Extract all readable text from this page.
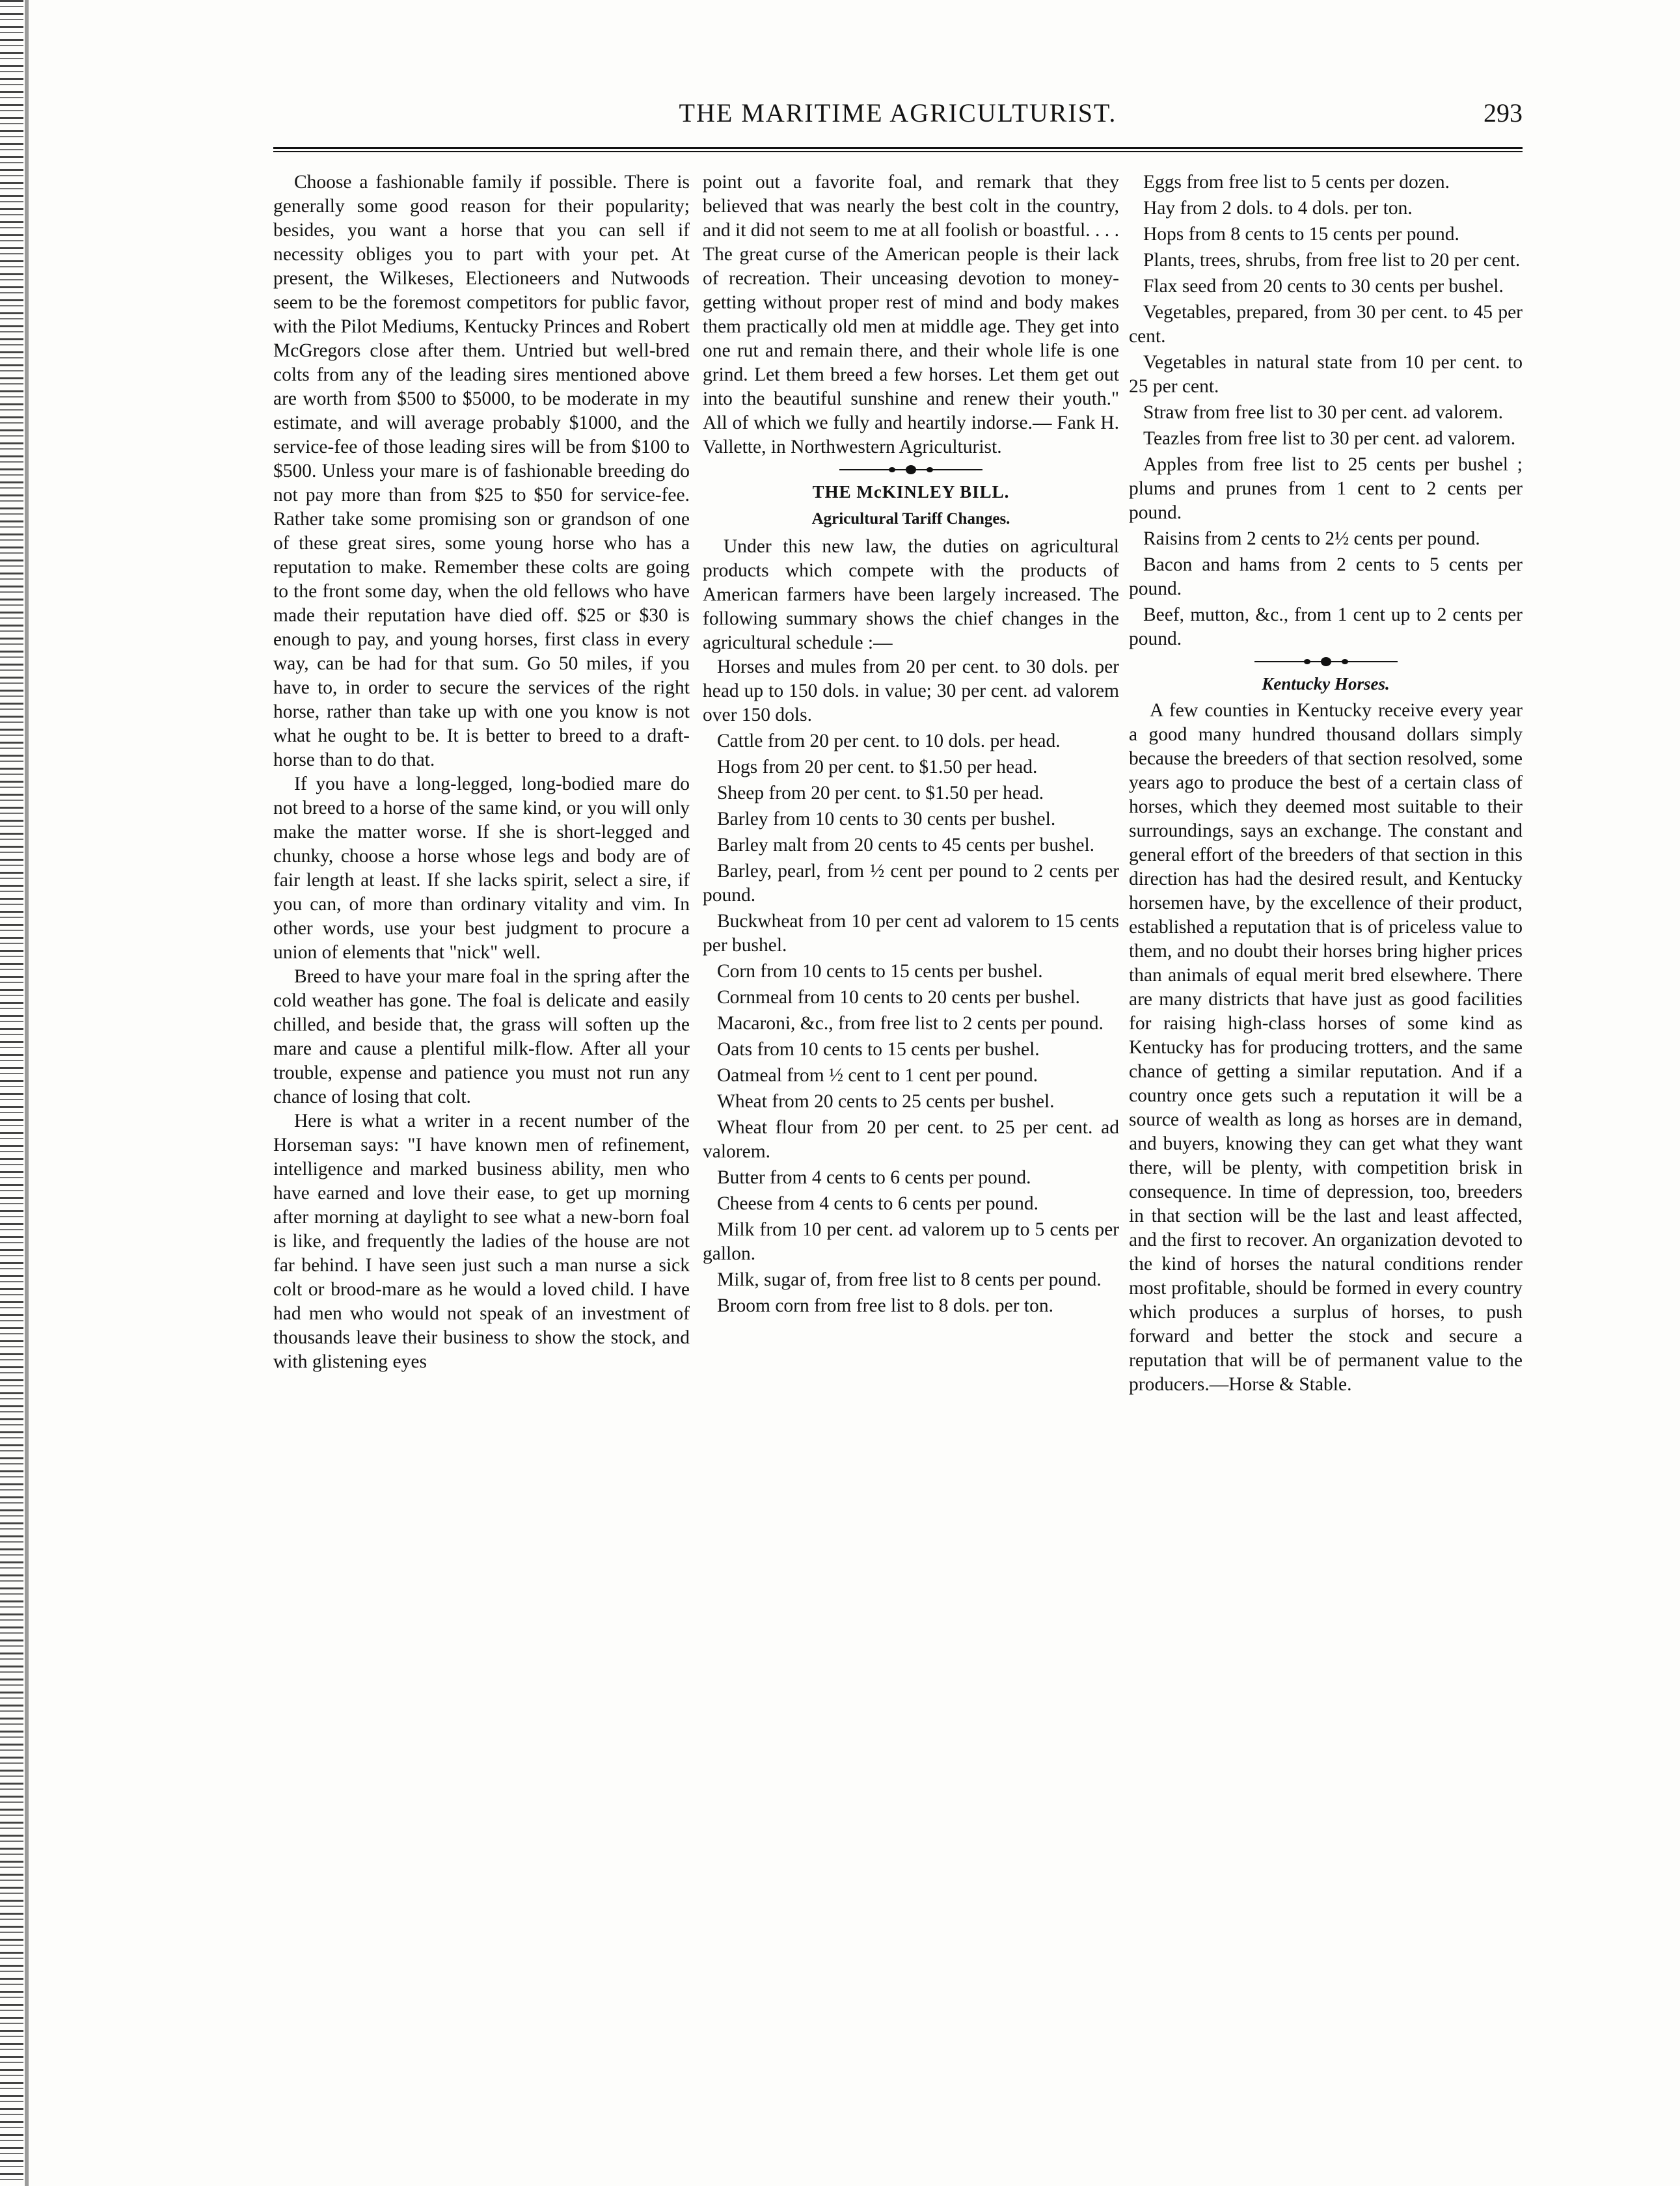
THE MARITIME AGRICULTURIST.	293

Choose a fashionable family if possible. There is generally some good reason for their popularity; besides, you want a horse that you can sell if necessity obliges you to part with your pet. At present, the Wilkeses, Electioneers and Nutwoods seem to be the foremost competitors for public favor, with the Pilot Mediums, Kentucky Princes and Robert McGregors close after them. Untried but well-bred colts from any of the leading sires mentioned above are worth from $500 to $5000, to be moderate in my estimate, and will average probably $1000, and the service-fee of those leading sires will be from $100 to $500. Unless your mare is of fashionable breeding do not pay more than from $25 to $50 for service-fee. Rather take some promising son or grandson of one of these great sires, some young horse who has a reputation to make. Remember these colts are going to the front some day, when the old fellows who have made their reputation have died off. $25 or $30 is enough to pay, and young horses, first class in every way, can be had for that sum. Go 50 miles, if you have to, in order to secure the services of the right horse, rather than take up with one you know is not what he ought to be. It is better to breed to a draft-horse than to do that.

If you have a long-legged, long-bodied mare do not breed to a horse of the same kind, or you will only make the matter worse. If she is short-legged and chunky, choose a horse whose legs and body are of fair length at least. If she lacks spirit, select a sire, if you can, of more than ordinary vitality and vim. In other words, use your best judgment to procure a union of elements that "nick" well.

Breed to have your mare foal in the spring after the cold weather has gone. The foal is delicate and easily chilled, and beside that, the grass will soften up the mare and cause a plentiful milk-flow. After all your trouble, expense and patience you must not run any chance of losing that colt.

Here is what a writer in a recent number of the Horseman says: "I have known men of refinement, intelligence and marked business ability, men who have earned and love their ease, to get up morning after morning at daylight to see what a new-born foal is like, and frequently the ladies of the house are not far behind. I have seen just such a man nurse a sick colt or brood-mare as he would a loved child. I have had men who would not speak of an investment of thousands leave their business to show the stock, and with glistening eyes

point out a favorite foal, and remark that they believed that was nearly the best colt in the country, and it did not seem to me at all foolish or boastful. . . . The great curse of the American people is their lack of recreation. Their unceasing devotion to money-getting without proper rest of mind and body makes them practically old men at middle age. They get into one rut and remain there, and their whole life is one grind. Let them breed a few horses. Let them get out into the beautiful sunshine and renew their youth." All of which we fully and heartily indorse.— Fank H. Vallette, in Northwestern Agriculturist.

THE McKINLEY BILL.
Agricultural Tariff Changes.

Under this new law, the duties on agricultural products which compete with the products of American farmers have been largely increased. The following summary shows the chief changes in the agricultural schedule :—

Horses and mules from 20 per cent. to 30 dols. per head up to 150 dols. in value; 30 per cent. ad valorem over 150 dols.

Cattle from 20 per cent. to 10 dols. per head.

Hogs from 20 per cent. to $1.50 per head.

Sheep from 20 per cent. to $1.50 per head.

Barley from 10 cents to 30 cents per bushel.

Barley malt from 20 cents to 45 cents per bushel.

Barley, pearl, from ½ cent per pound to 2 cents per pound.

Buckwheat from 10 per cent ad valorem to 15 cents per bushel.

Corn from 10 cents to 15 cents per bushel.

Cornmeal from 10 cents to 20 cents per bushel.

Macaroni, &c., from free list to 2 cents per pound.

Oats from 10 cents to 15 cents per bushel.

Oatmeal from ½ cent to 1 cent per pound.

Wheat from 20 cents to 25 cents per bushel.

Wheat flour from 20 per cent. to 25 per cent. ad valorem.

Butter from 4 cents to 6 cents per pound.

Cheese from 4 cents to 6 cents per pound.

Milk from 10 per cent. ad valorem up to 5 cents per gallon.

Milk, sugar of, from free list to 8 cents per pound.

Broom corn from free list to 8 dols. per ton.

Eggs from free list to 5 cents per dozen.

Hay from 2 dols. to 4 dols. per ton.

Hops from 8 cents to 15 cents per pound.

Plants, trees, shrubs, from free list to 20 per cent.

Flax seed from 20 cents to 30 cents per bushel.

Vegetables, prepared, from 30 per cent. to 45 per cent.

Vegetables in natural state from 10 per cent. to 25 per cent.

Straw from free list to 30 per cent. ad valorem.

Teazles from free list to 30 per cent. ad valorem.

Apples from free list to 25 cents per bushel ; plums and prunes from 1 cent to 2 cents per pound.

Raisins from 2 cents to 2½ cents per pound.

Bacon and hams from 2 cents to 5 cents per pound.

Beef, mutton, &c., from 1 cent up to 2 cents per pound.

Kentucky Horses.

A few counties in Kentucky receive every year a good many hundred thousand dollars simply because the breeders of that section resolved, some years ago to produce the best of a certain class of horses, which they deemed most suitable to their surroundings, says an exchange. The constant and general effort of the breeders of that section in this direction has had the desired result, and Kentucky horsemen have, by the excellence of their product, established a reputation that is of priceless value to them, and no doubt their horses bring higher prices than animals of equal merit bred elsewhere. There are many districts that have just as good facilities for raising high-class horses of some kind as Kentucky has for producing trotters, and the same chance of getting a similar reputation. And if a country once gets such a reputation it will be a source of wealth as long as horses are in demand, and buyers, knowing they can get what they want there, will be plenty, with competition brisk in consequence. In time of depression, too, breeders in that section will be the last and least affected, and the first to recover. An organization devoted to the kind of horses the natural conditions render most profitable, should be formed in every country which produces a surplus of horses, to push forward and better the stock and secure a reputation that will be of permanent value to the producers.—Horse & Stable.
